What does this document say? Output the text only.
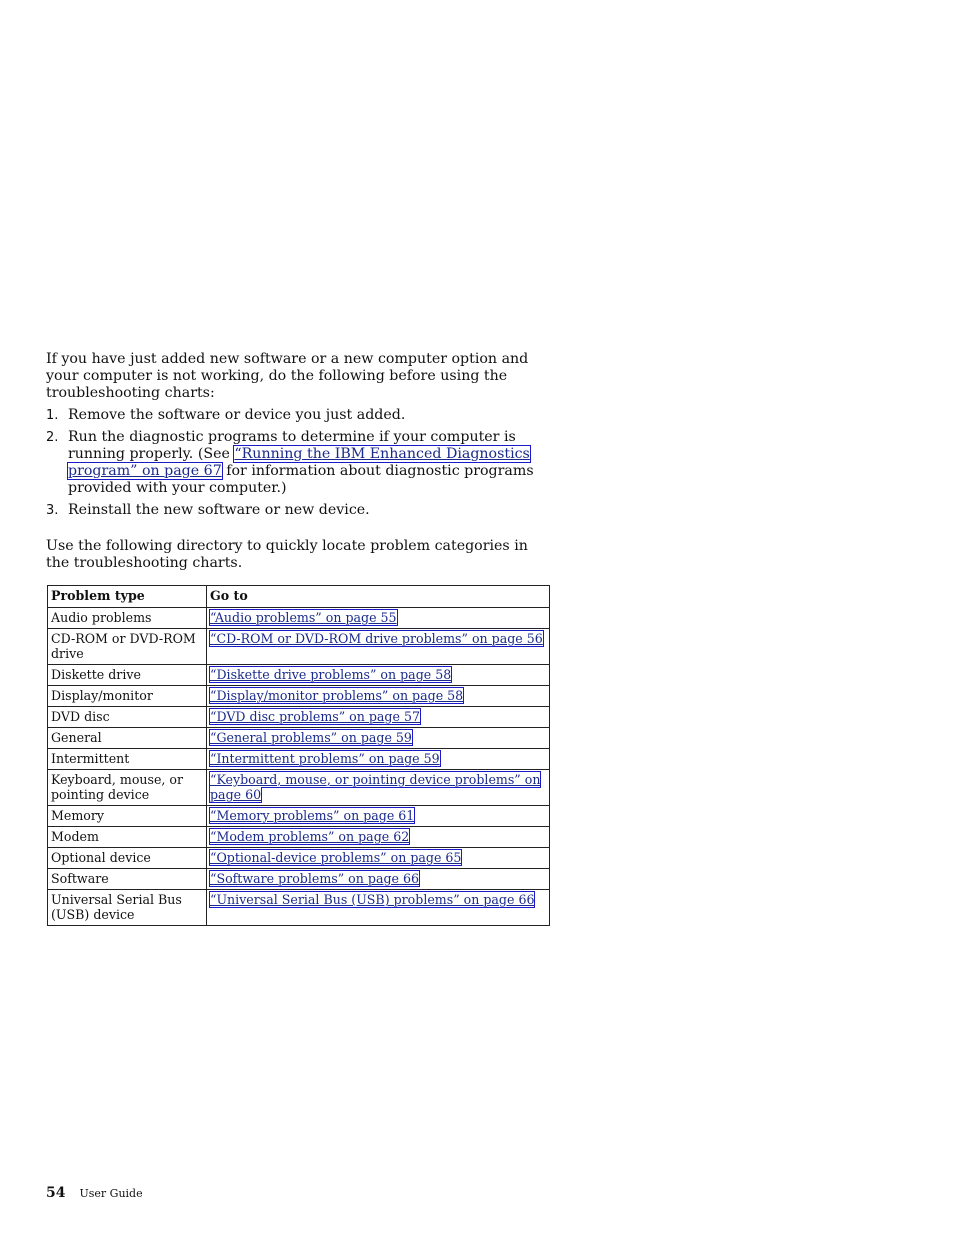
If you have just added new software or a new computer option and your computer is not working, do the following before using the troubleshooting charts:

1. Remove the software or device you just added.
2. Run the diagnostic programs to determine if your computer is running properly. (See “Running the IBM Enhanced Diagnostics program” on page 67 for information about diagnostic programs provided with your computer.)
3. Reinstall the new software or new device.

Use the following directory to quickly locate problem categories in the troubleshooting charts.

Problem type	Go to
Audio problems	“Audio problems” on page 55
CD-ROM or DVD-ROM drive	“CD-ROM or DVD-ROM drive problems” on page 56
Diskette drive	“Diskette drive problems” on page 58
Display/monitor	“Display/monitor problems” on page 58
DVD disc	“DVD disc problems” on page 57
General	“General problems” on page 59
Intermittent	“Intermittent problems” on page 59
Keyboard, mouse, or pointing device	“Keyboard, mouse, or pointing device problems” on page 60
Memory	“Memory problems” on page 61
Modem	“Modem problems” on page 62
Optional device	“Optional-device problems” on page 65
Software	“Software problems” on page 66
Universal Serial Bus (USB) device	“Universal Serial Bus (USB) problems” on page 66
54 User Guide
